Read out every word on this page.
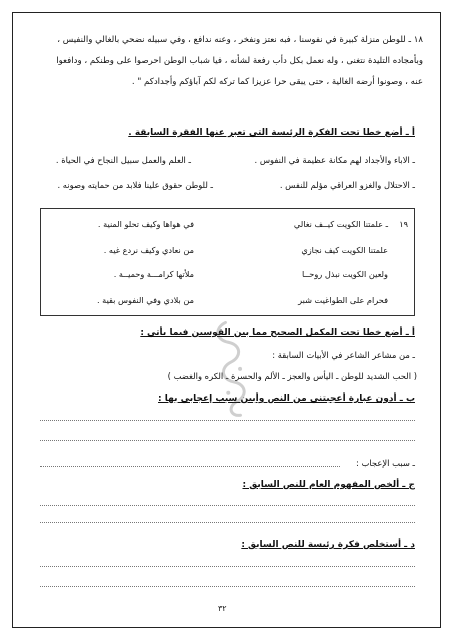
١٨ ـ للوطن منزلة كبيرة في نفوسنا ، فبه نعتز ونفخر ، وعنه ندافع ، وفي سبيله نضحي بالغالي والنفيس ،
وبأمجاده التليدة نتغنى ، وله نعمل بكل دأب رفعة لشأنه ، فيا شباب الوطن احرصوا على وطنكم ، ودافعوا
عنه ، وصونوا أرضه الغالية ، حتى يبقى حرا عزيزا كما تركه لكم آباؤكم وأجدادكم " .
أ ـ أضع خطا تحت الفكرة الرئيسة التي تعبر عنها الفقرة السابقة .
ـ الاباء والأجداد لهم مكانة عظيمة في النفوس .
ـ العلم والعمل سبيل النجاح في الحياة .
ـ الاحتلال والغزو العراقي مؤلم للنفس .
ـ للوطن حقوق علينا فلابد من حمايته وصونه .
١٩
ـ علمتنا الكويت كيــف نغالي
في هواها وكيف تحلو المنية .
علمتنا الكويت كيف نجازي
من نعادي وكيف نردع غيه .
ولعين الكويت نبذل روحــا
ملأتها كرامـــة وحميــة .
فحرام على الطواغيت شبر
من بلادي وفي النفوس بقية .
أ ـ أضع خطا تحت المكمل الصحيح مما بين القوسين فيما يأتي :
ـ من مشاعر الشاعر في الأبيات السابقة :
( الحب الشديد للوطن ـ اليأس والعجز ـ الألم والحسرة ـ الكره والغضب )
ب ـ أدون عبارة أعجبتني من النص وأبين سبب إعجابي بها :
ـ سبب الإعجاب :
ج ـ ألخص المفهوم العام للنص السابق :
د ـ أستخلص فكرة رئيسة للنص السابق :
٣٢
